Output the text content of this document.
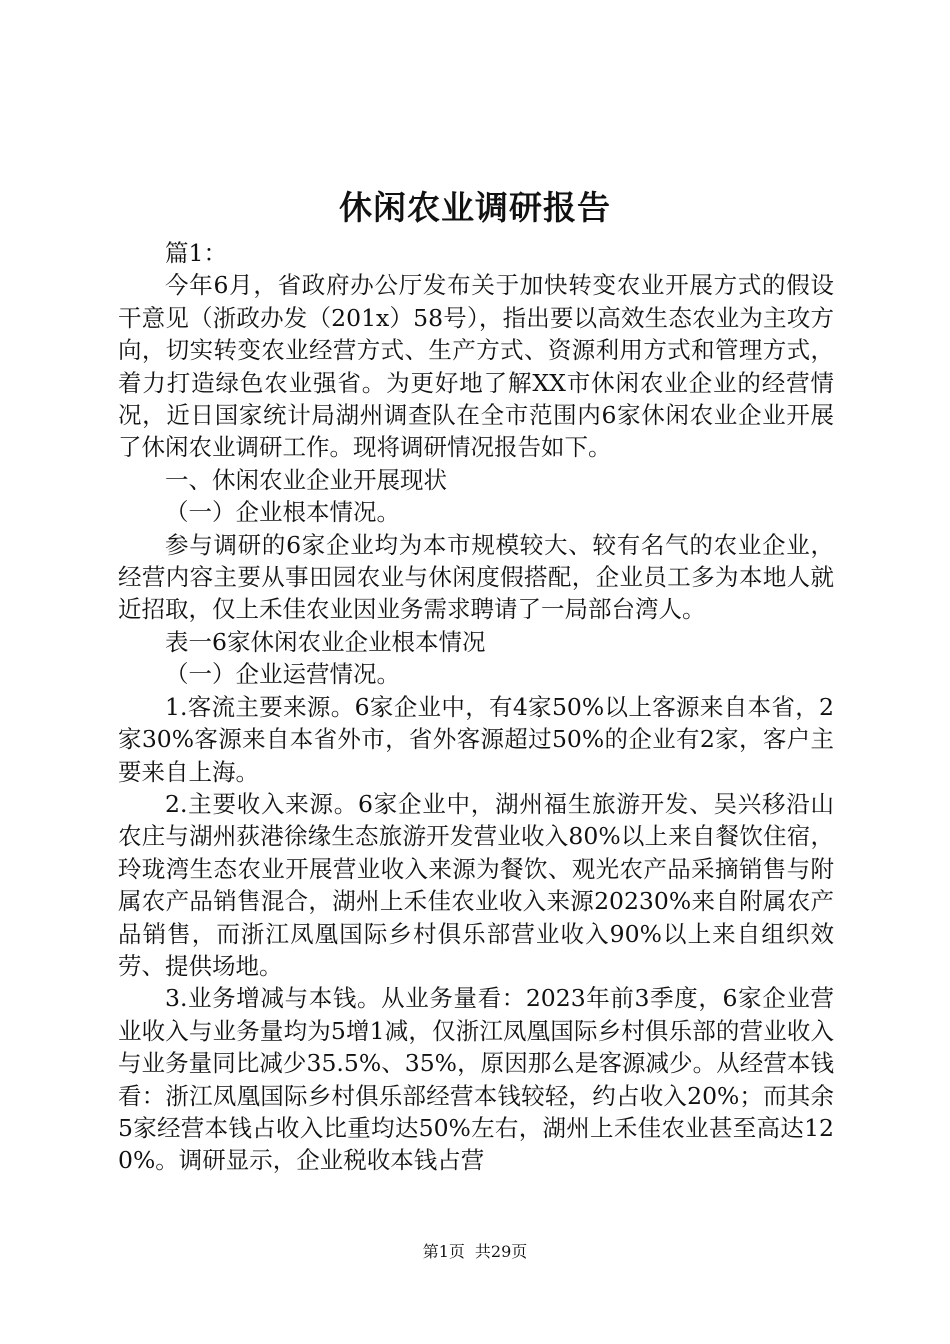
休闲农业调研报告

篇1：

今年6月，省政府办公厅发布关于加快转变农业开展方式的假设干意见（浙政办发（201x）58号），指出要以高效生态农业为主攻方向，切实转变农业经营方式、生产方式、资源利用方式和管理方式，着力打造绿色农业强省。为更好地了解XX市休闲农业企业的经营情况，近日国家统计局湖州调查队在全市范围内6家休闲农业企业开展了休闲农业调研工作。现将调研情况报告如下。

一、休闲农业企业开展现状

（一）企业根本情况。

参与调研的6家企业均为本市规模较大、较有名气的农业企业，经营内容主要从事田园农业与休闲度假搭配，企业员工多为本地人就近招取，仅上禾佳农业因业务需求聘请了一局部台湾人。

表一6家休闲农业企业根本情况

（一）企业运营情况。

1.客流主要来源。6家企业中，有4家50%以上客源来自本省，2家30%客源来自本省外市，省外客源超过50%的企业有2家，客户主要来自上海。

2.主要收入来源。6家企业中，湖州福生旅游开发、吴兴移沿山农庄与湖州荻港徐缘生态旅游开发营业收入80%以上来自餐饮住宿，玲珑湾生态农业开展营业收入来源为餐饮、观光农产品采摘销售与附属农产品销售混合，湖州上禾佳农业收入来源20230%来自附属农产品销售，而浙江凤凰国际乡村俱乐部营业收入90%以上来自组织效劳、提供场地。

3.业务增减与本钱。从业务量看：2023年前3季度，6家企业营业收入与业务量均为5增1减，仅浙江凤凰国际乡村俱乐部的营业收入与业务量同比减少35.5%、35%，原因那么是客源减少。从经营本钱看：浙江凤凰国际乡村俱乐部经营本钱较轻，约占收入20%；而其余5家经营本钱占收入比重均达50%左右，湖州上禾佳农业甚至高达120%。调研显示，企业税收本钱占营

第1页 共29页
